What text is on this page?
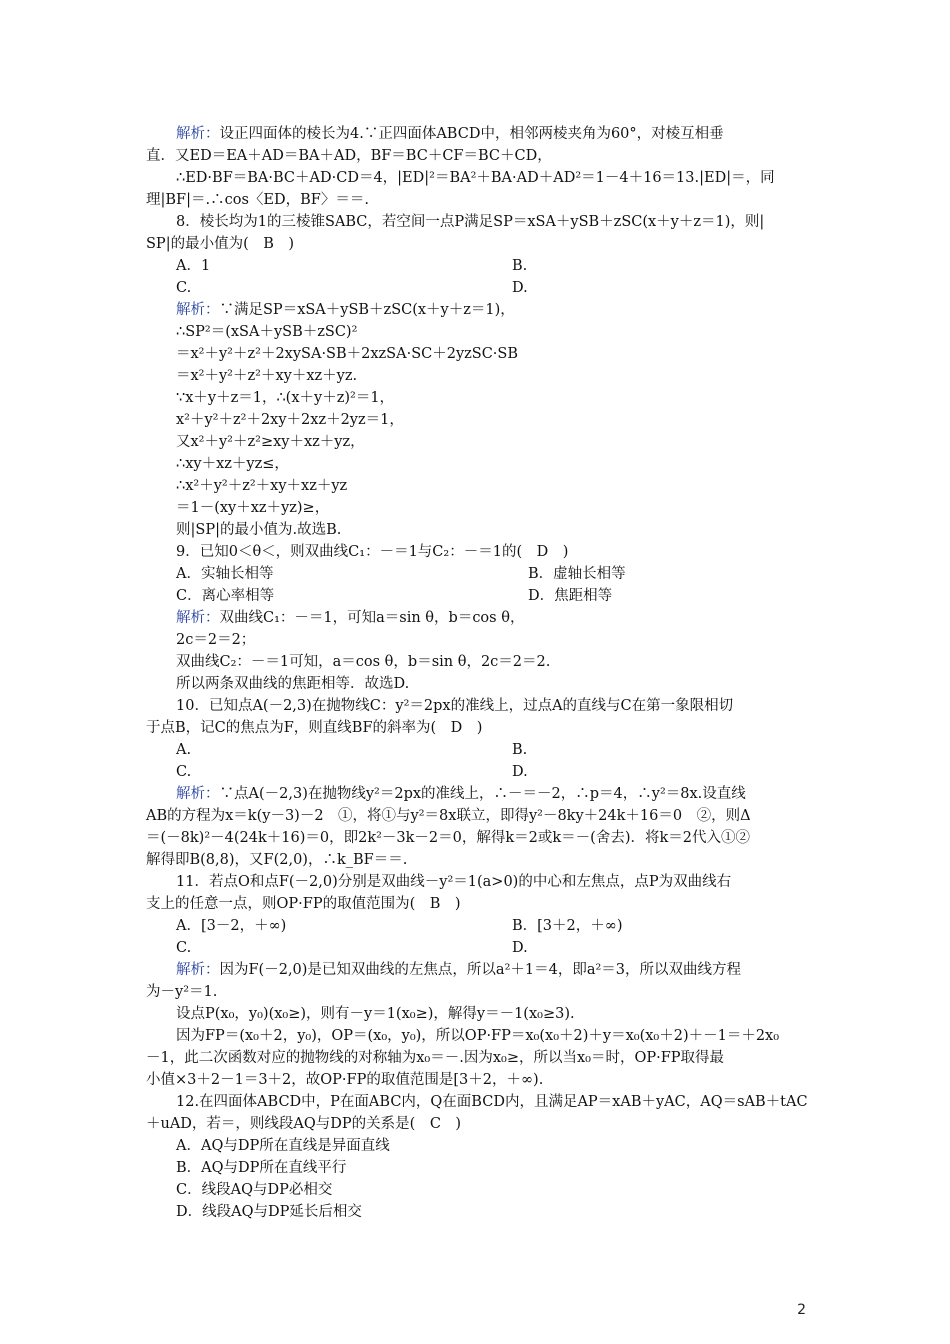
解析：设正四面体的棱长为4.∵正四面体ABCD中，相邻两棱夹角为60°，对棱互相垂
直．又ED＝EA＋AD＝BA＋AD，BF＝BC＋CF＝BC＋CD，
∴ED·BF＝BA·BC＋AD·CD＝4，|ED|²＝BA²＋BA·AD＋AD²＝1－4＋16＝13.|ED|＝，同
理|BF|＝.∴cos〈ED，BF〉＝＝.
8．棱长均为1的三棱锥SABC，若空间一点P满足SP＝xSA＋ySB＋zSC(x＋y＋z＝1)，则|
SP|的最小值为(　B　)
A．1	B.
C.	D.
解析：∵满足SP＝xSA＋ySB＋zSC(x＋y＋z＝1)，
∴SP²＝(xSA＋ySB＋zSC)²
＝x²＋y²＋z²＋2xySA·SB＋2xzSA·SC＋2yzSC·SB
＝x²＋y²＋z²＋xy＋xz＋yz.
∵x＋y＋z＝1，∴(x＋y＋z)²＝1，
x²＋y²＋z²＋2xy＋2xz＋2yz＝1，
又x²＋y²＋z²≥xy＋xz＋yz，
∴xy＋xz＋yz≤，
∴x²＋y²＋z²＋xy＋xz＋yz
＝1－(xy＋xz＋yz)≥，
则|SP|的最小值为.故选B.
9．已知0＜θ＜，则双曲线C₁：－＝1与C₂：－＝1的(　D　)
A．实轴长相等	B．虚轴长相等
C．离心率相等	D．焦距相等
解析：双曲线C₁：－＝1，可知a＝sin θ，b＝cos θ，
2c＝2＝2；
双曲线C₂：－＝1可知，a＝cos θ，b＝sin θ，2c＝2＝2.
所以两条双曲线的焦距相等．故选D.
10．已知点A(－2,3)在抛物线C：y²＝2px的准线上，过点A的直线与C在第一象限相切
于点B，记C的焦点为F，则直线BF的斜率为(　D　)
A.	B.
C.	D.
解析：∵点A(－2,3)在抛物线y²＝2px的准线上，∴－＝－2，∴p＝4，∴y²＝8x.设直线
AB的方程为x＝k(y－3)－2　①，将①与y²＝8x联立，即得y²－8ky＋24k＋16＝0　②，则Δ
＝(－8k)²－4(24k＋16)＝0，即2k²－3k－2＝0，解得k＝2或k＝－(舍去)．将k＝2代入①②
解得即B(8,8)，又F(2,0)，∴k_BF＝＝.
11．若点O和点F(－2,0)分别是双曲线－y²＝1(a>0)的中心和左焦点，点P为双曲线右
支上的任意一点，则OP·FP的取值范围为(　B　)
A．[3－2，＋∞)	B．[3＋2，＋∞)
C.	D.
解析：因为F(－2,0)是已知双曲线的左焦点，所以a²＋1＝4，即a²＝3，所以双曲线方程
为－y²＝1.
设点P(x₀，y₀)(x₀≥)，则有－y＝1(x₀≥)，解得y＝－1(x₀≥3).
因为FP＝(x₀＋2，y₀)，OP＝(x₀，y₀)，所以OP·FP＝x₀(x₀＋2)＋y＝x₀(x₀＋2)＋－1＝＋2x₀
－1，此二次函数对应的抛物线的对称轴为x₀＝－.因为x₀≥，所以当x₀＝时，OP·FP取得最
小值×3＋2－1＝3＋2，故OP·FP的取值范围是[3＋2，＋∞).
12.在四面体ABCD中，P在面ABC内，Q在面BCD内，且满足AP＝xAB＋yAC，AQ＝sAB＋tAC
＋uAD，若＝，则线段AQ与DP的关系是(　C　)
A．AQ与DP所在直线是异面直线
B．AQ与DP所在直线平行
C．线段AQ与DP必相交
D．线段AQ与DP延长后相交
2
